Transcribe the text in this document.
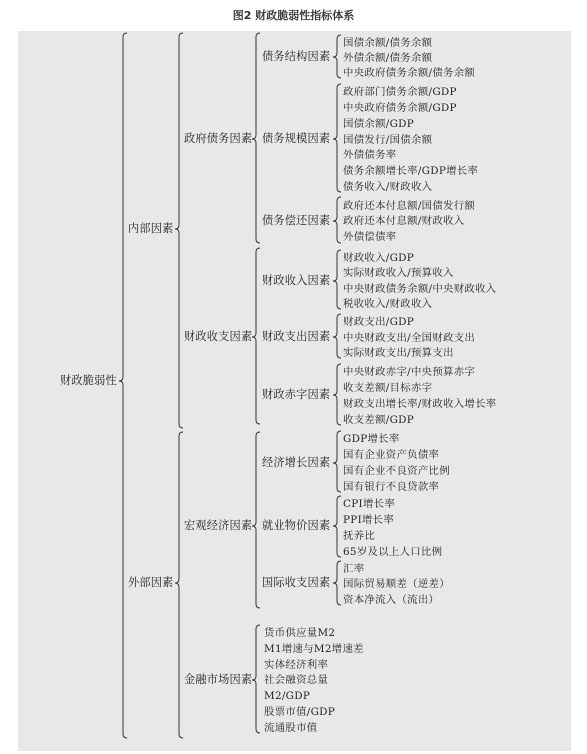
图2 财政脆弱性指标体系
财政脆弱性
内部因素
外部因素
政府债务因素
财政收支因素
宏观经济因素
金融市场因素
债务结构因素
债务规模因素
债务偿还因素
财政收入因素
财政支出因素
财政赤字因素
经济增长因素
就业物价因素
国际收支因素
国债余额/债务余额
外债余额/债务余额
中央政府债务余额/债务余额
政府部门债务余额/GDP
中央政府债务余额/GDP
国债余额/GDP
国债发行/国债余额
外债债务率
债务余额增长率/GDP增长率
债务收入/财政收入
政府还本付息额/国债发行额
政府还本付息额/财政收入
外债偿债率
财政收入/GDP
实际财政收入/预算收入
中央财政债务余额/中央财政收入
税收收入/财政收入
财政支出/GDP
中央财政支出/全国财政支出
实际财政支出/预算支出
中央财政赤字/中央预算赤字
收支差额/目标赤字
财政支出增长率/财政收入增长率
收支差额/GDP
GDP增长率
国有企业资产负债率
国有企业不良资产比例
国有银行不良贷款率
CPI增长率
PPI增长率
抚养比
65岁及以上人口比例
汇率
国际贸易顺差（逆差）
资本净流入（流出）
货币供应量M2
M1增速与M2增速差
实体经济利率
社会融资总量
M2/GDP
股票市值/GDP
流通股市值
